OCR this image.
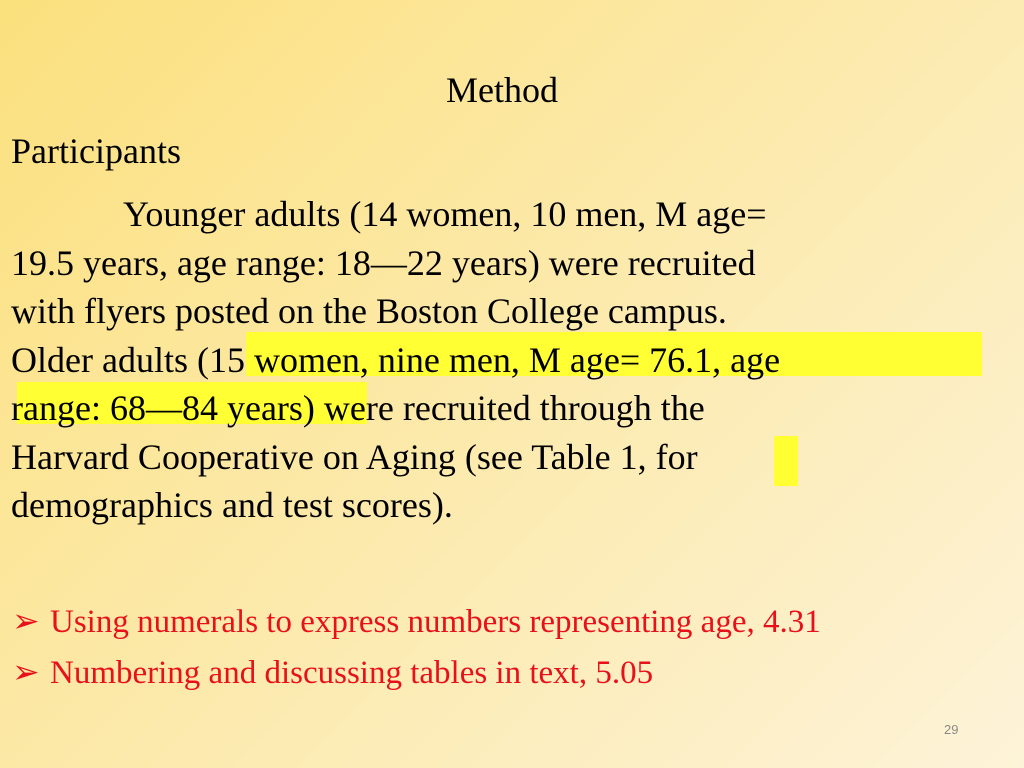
Method
Participants
Younger adults (14 women, 10 men, M age=
19.5 years, age range: 18—22 years) were recruited
with flyers posted on the Boston College campus.
Older adults (15 women, nine men, M age= 76.1, age
range: 68—84 years) were recruited through the
Harvard Cooperative on Aging (see Table 1, for
demographics and test scores).
➢ Using numerals to express numbers representing age, 4.31
➢ Numbering and discussing tables in text, 5.05
29
